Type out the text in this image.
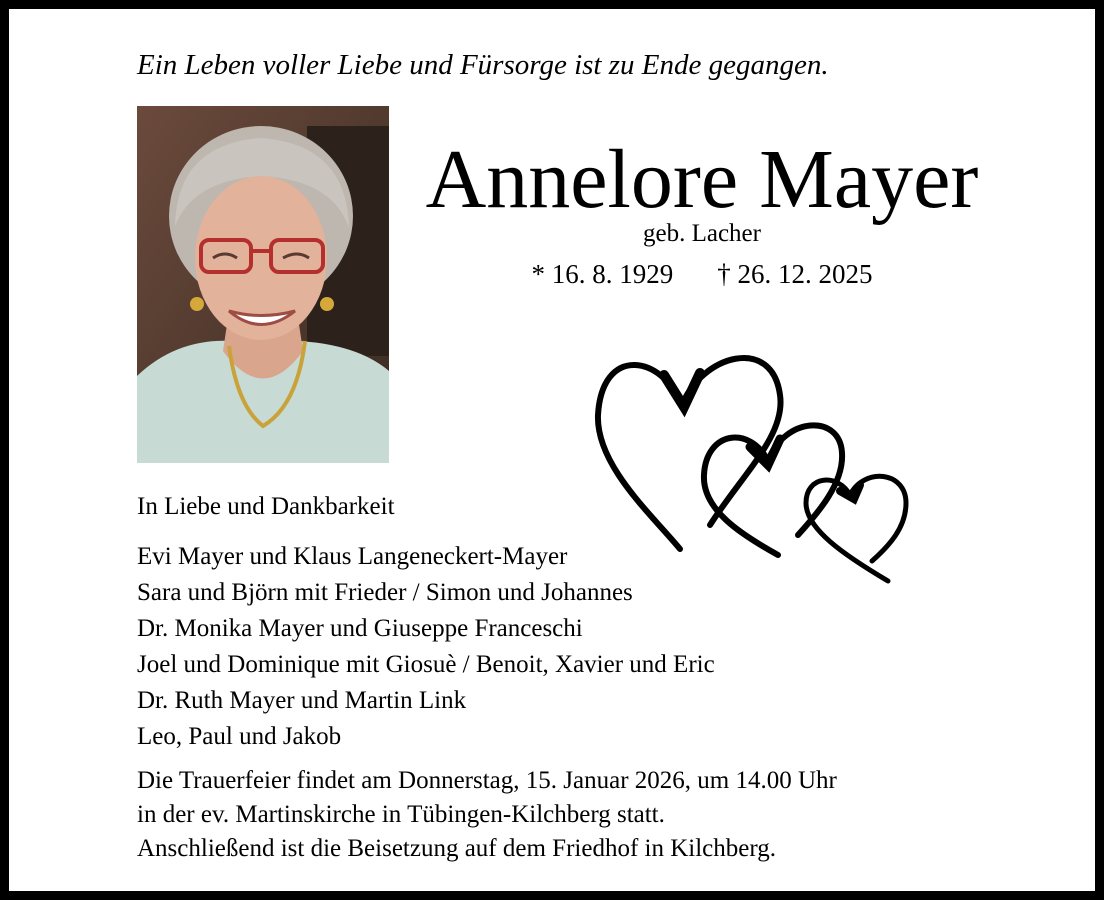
Ein Leben voller Liebe und Fürsorge ist zu Ende gegangen.
Annelore Mayer
geb. Lacher
* 16. 8. 1929 † 26. 12. 2025
In Liebe und Dankbarkeit
Evi Mayer und Klaus Langeneckert-Mayer
Sara und Björn mit Frieder / Simon und Johannes
Dr. Monika Mayer und Giuseppe Franceschi
Joel und Dominique mit Giosuè / Benoit, Xavier und Eric
Dr. Ruth Mayer und Martin Link
Leo, Paul und Jakob
Die Trauerfeier findet am Donnerstag, 15. Januar 2026, um 14.00 Uhr
in der ev. Martinskirche in Tübingen-Kilchberg statt.
Anschließend ist die Beisetzung auf dem Friedhof in Kilchberg.
